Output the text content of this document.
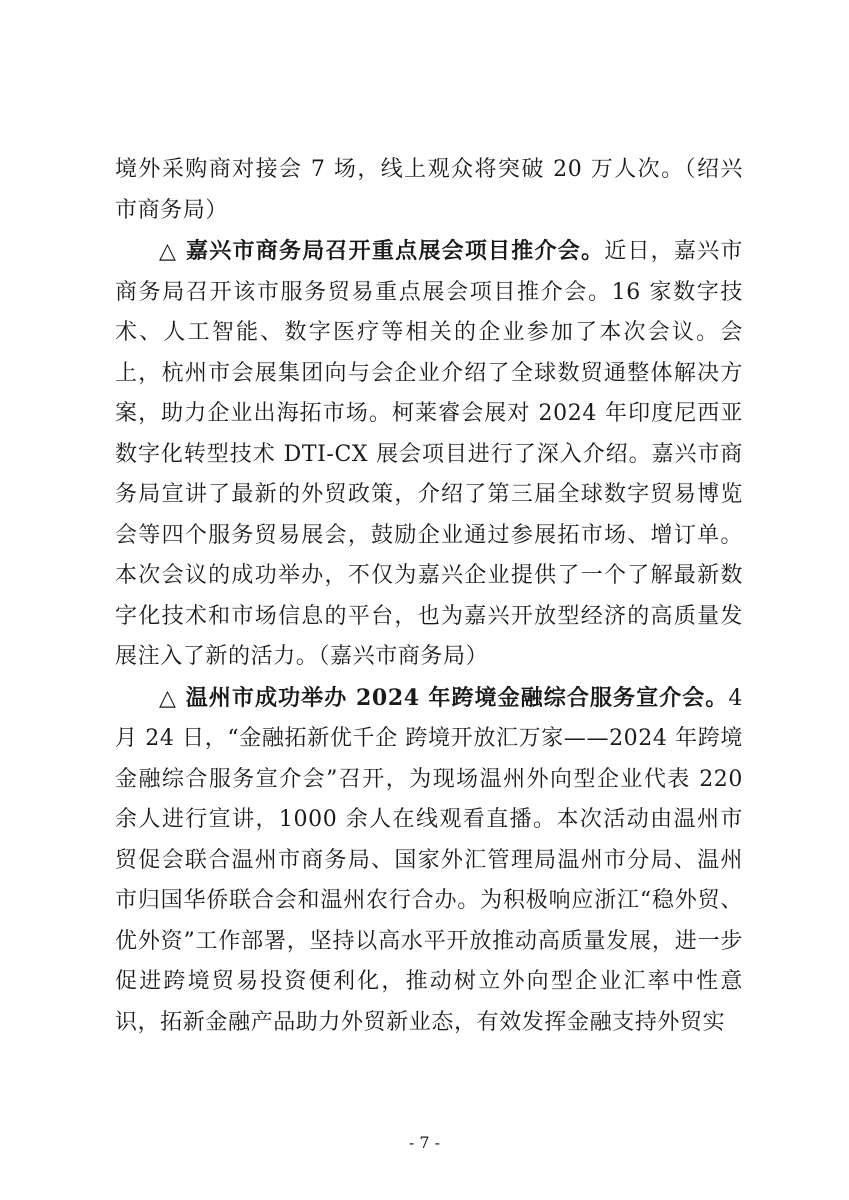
境外采购商对接会 7 场，线上观众将突破 20 万人次。（绍兴市商务局）

△ 嘉兴市商务局召开重点展会项目推介会。近日，嘉兴市商务局召开该市服务贸易重点展会项目推介会。16 家数字技术、人工智能、数字医疗等相关的企业参加了本次会议。会上，杭州市会展集团向与会企业介绍了全球数贸通整体解决方案，助力企业出海拓市场。柯莱睿会展对 2024 年印度尼西亚数字化转型技术 DTI-CX 展会项目进行了深入介绍。嘉兴市商务局宣讲了最新的外贸政策，介绍了第三届全球数字贸易博览会等四个服务贸易展会，鼓励企业通过参展拓市场、增订单。本次会议的成功举办，不仅为嘉兴企业提供了一个了解最新数字化技术和市场信息的平台，也为嘉兴开放型经济的高质量发展注入了新的活力。（嘉兴市商务局）

△ 温州市成功举办 2024 年跨境金融综合服务宣介会。4 月 24 日，“金融拓新优千企 跨境开放汇万家——2024 年跨境金融综合服务宣介会”召开，为现场温州外向型企业代表 220 余人进行宣讲，1000 余人在线观看直播。本次活动由温州市贸促会联合温州市商务局、国家外汇管理局温州市分局、温州市归国华侨联合会和温州农行合办。为积极响应浙江“稳外贸、优外资”工作部署，坚持以高水平开放推动高质量发展，进一步促进跨境贸易投资便利化，推动树立外向型企业汇率中性意识，拓新金融产品助力外贸新业态，有效发挥金融支持外贸实

- 7 -
